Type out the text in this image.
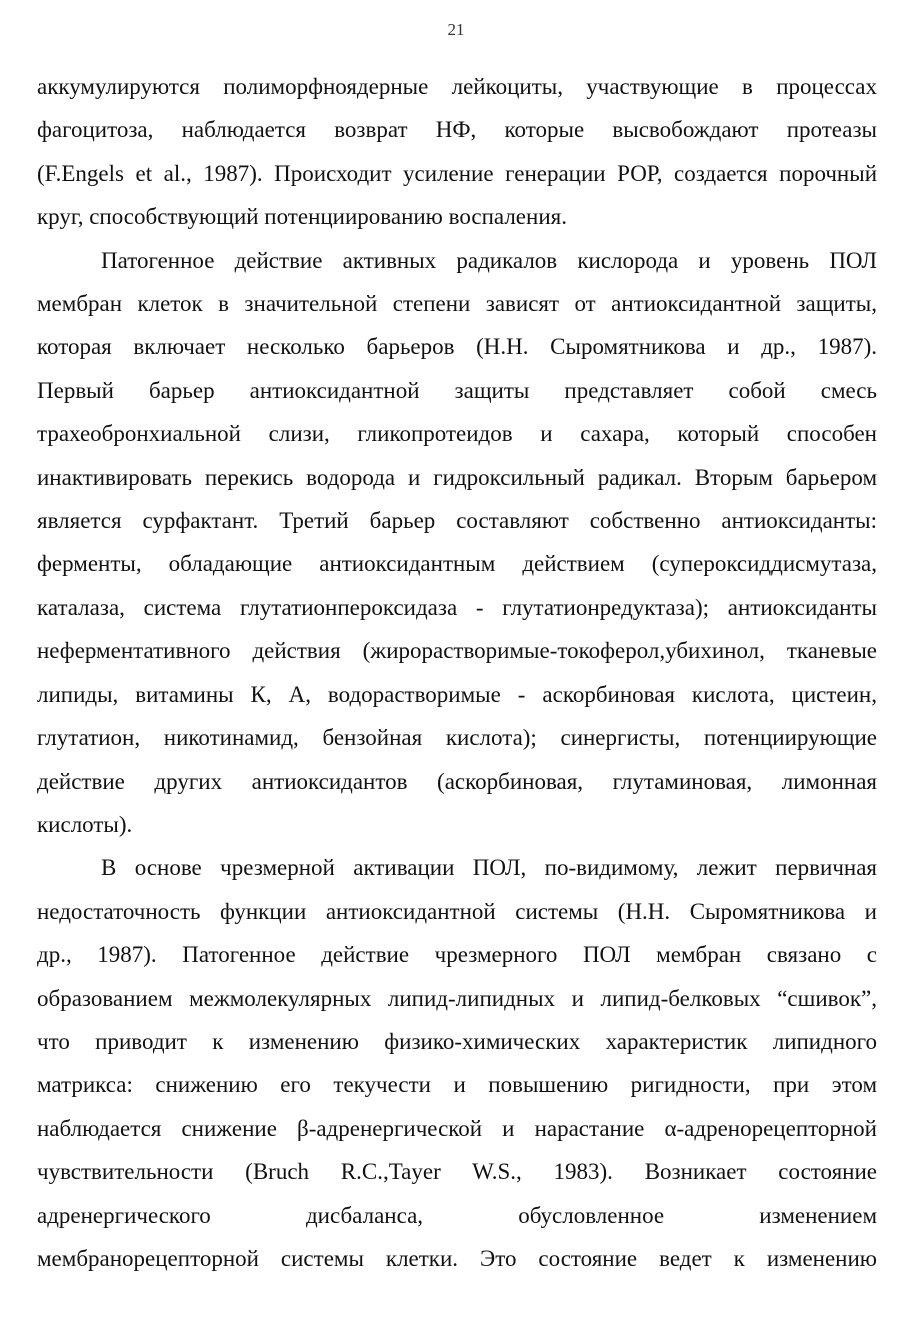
21

аккумулируются полиморфноядерные лейкоциты, участвующие в процессах
фагоцитоза, наблюдается возврат НФ, которые высвобождают протеазы
(F.Engels et al., 1987). Происходит усиление генерации РОР, создается порочный
круг, способствующий потенциированию воспаления.

Патогенное действие активных радикалов кислорода и уровень ПОЛ
мембран клеток в значительной степени зависят от антиоксидантной защиты,
которая включает несколько барьеров (Н.Н. Сыромятникова и др., 1987).
Первый барьер антиоксидантной защиты представляет собой смесь
трахеобронхиальной слизи, гликопротеидов и сахара, который способен
инактивировать перекись водорода и гидроксильный радикал. Вторым барьером
является сурфактант. Третий барьер составляют собственно антиоксиданты:
ферменты, обладающие антиоксидантным действием (супероксиддисмутаза,
каталаза, система глутатионпероксидаза - глутатионредуктаза); антиоксиданты
неферментативного действия (жирорастворимые-токоферол,убихинол, тканевые
липиды, витамины К, А, водорастворимые - аскорбиновая кислота, цистеин,
глутатион, никотинамид, бензойная кислота); синергисты, потенциирующие
действие других антиоксидантов (аскорбиновая, глутаминовая, лимонная
кислоты).

В основе чрезмерной активации ПОЛ, по-видимому, лежит первичная
недостаточность функции антиоксидантной системы (Н.Н. Сыромятникова и
др., 1987). Патогенное действие чрезмерного ПОЛ мембран связано с
образованием межмолекулярных липид-липидных и липид-белковых “сшивок”,
что приводит к изменению физико-химических характеристик липидного
матрикса: снижению его текучести и повышению ригидности, при этом
наблюдается снижение β-адренергической и нарастание α-адренорецепторной
чувствительности (Bruch R.C.,Tayer W.S., 1983). Возникает состояние
адренергического дисбаланса, обусловленное изменением
мембранорецепторной системы клетки. Это состояние ведет к изменению
